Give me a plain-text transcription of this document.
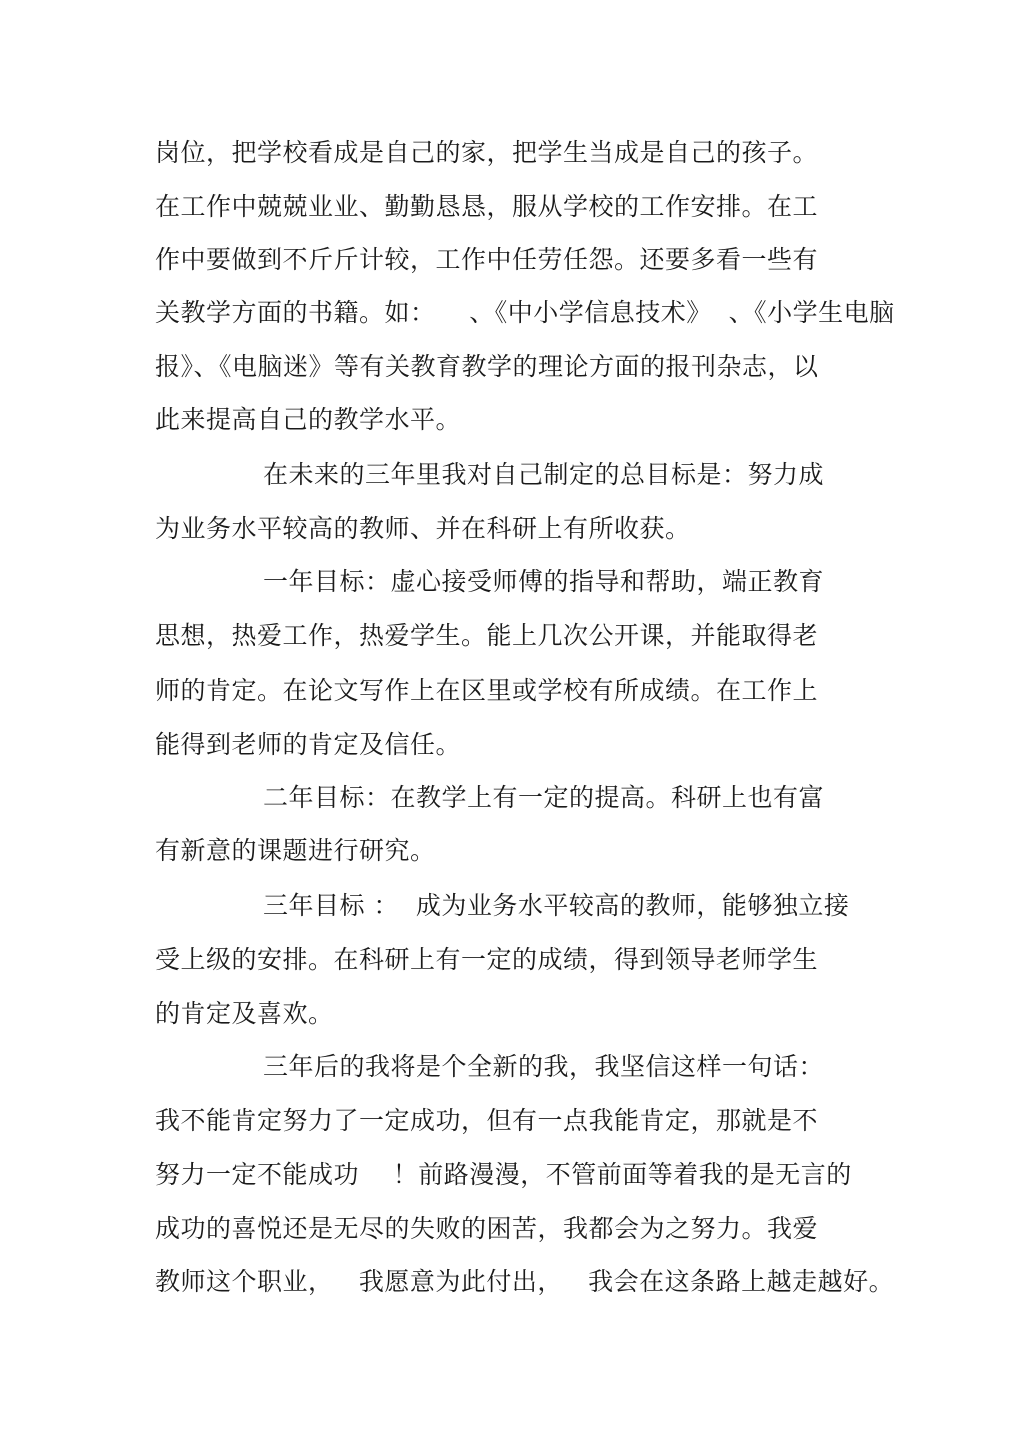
岗位，把学校看成是自己的家，把学生当成是自己的孩子。
在工作中兢兢业业、勤勤恳恳，服从学校的工作安排。在工
作中要做到不斤斤计较，工作中任劳任怨。还要多看一些有
关教学方面的书籍。如：    、《中小学信息技术》  、《小学生电脑
报》、《电脑迷》等有关教育教学的理论方面的报刊杂志，以
此来提高自己的教学水平。
在未来的三年里我对自己制定的总目标是：努力成
为业务水平较高的教师、并在科研上有所收获。
一年目标：虚心接受师傅的指导和帮助，端正教育
思想，热爱工作，热爱学生。能上几次公开课，并能取得老
师的肯定。在论文写作上在区里或学校有所成绩。在工作上
能得到老师的肯定及信任。
二年目标：在教学上有一定的提高。科研上也有富
有新意的课题进行研究。
三年目标 ：  成为业务水平较高的教师，能够独立接
受上级的安排。在科研上有一定的成绩，得到领导老师学生
的肯定及喜欢。
三年后的我将是个全新的我，我坚信这样一句话：
我不能肯定努力了一定成功，但有一点我能肯定，那就是不
努力一定不能成功    ！前路漫漫，不管前面等着我的是无言的
成功的喜悦还是无尽的失败的困苦，我都会为之努力。我爱
教师这个职业，   我愿意为此付出，   我会在这条路上越走越好。
